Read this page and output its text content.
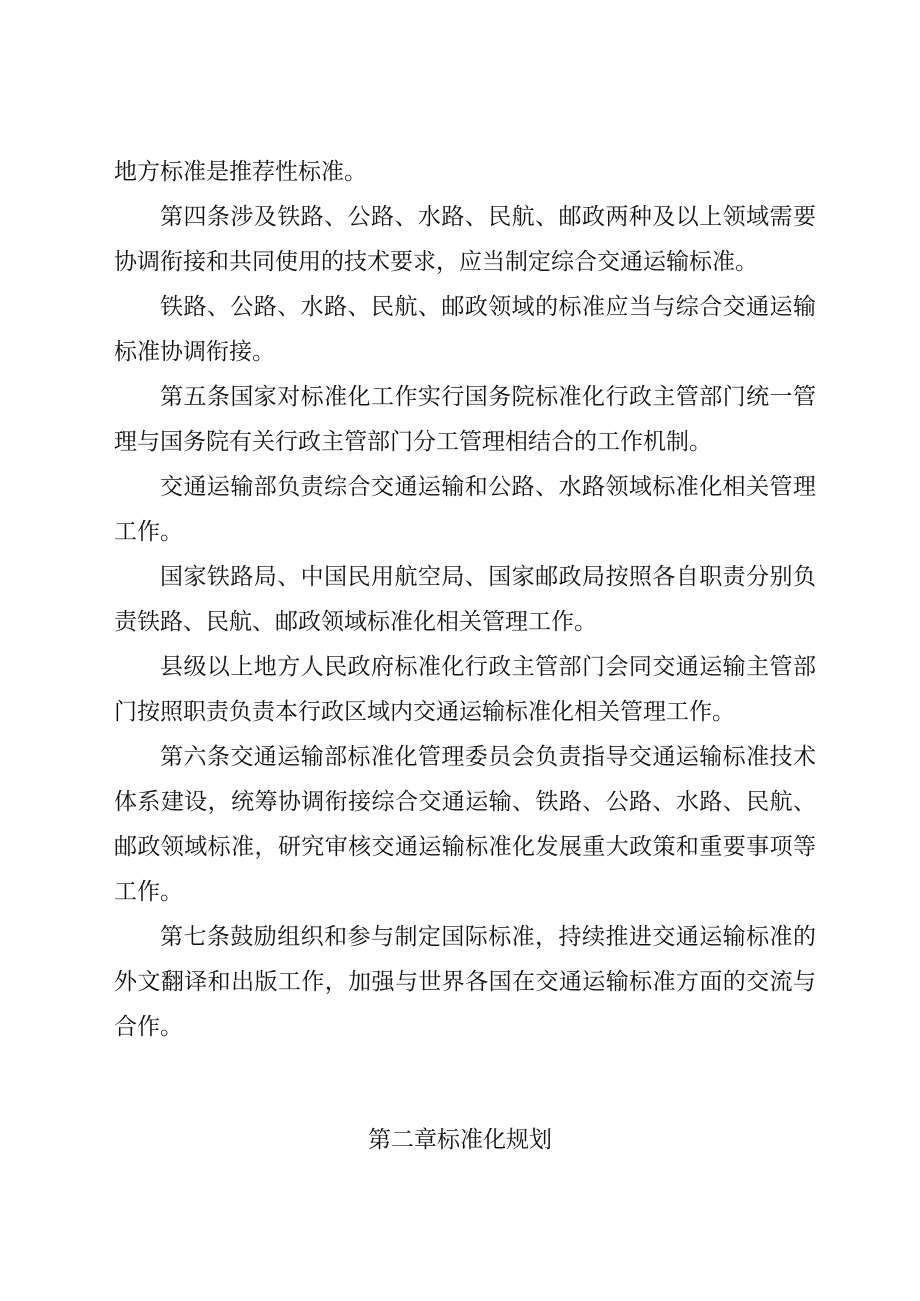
地方标准是推荐性标准。

第四条涉及铁路、公路、水路、民航、邮政两种及以上领域需要协调衔接和共同使用的技术要求，应当制定综合交通运输标准。

铁路、公路、水路、民航、邮政领域的标准应当与综合交通运输标准协调衔接。

第五条国家对标准化工作实行国务院标准化行政主管部门统一管理与国务院有关行政主管部门分工管理相结合的工作机制。

交通运输部负责综合交通运输和公路、水路领域标准化相关管理工作。

国家铁路局、中国民用航空局、国家邮政局按照各自职责分别负责铁路、民航、邮政领域标准化相关管理工作。

县级以上地方人民政府标准化行政主管部门会同交通运输主管部门按照职责负责本行政区域内交通运输标准化相关管理工作。

第六条交通运输部标准化管理委员会负责指导交通运输标准技术体系建设，统筹协调衔接综合交通运输、铁路、公路、水路、民航、邮政领域标准，研究审核交通运输标准化发展重大政策和重要事项等工作。

第七条鼓励组织和参与制定国际标准，持续推进交通运输标准的外文翻译和出版工作，加强与世界各国在交通运输标准方面的交流与合作。

第二章标准化规划
